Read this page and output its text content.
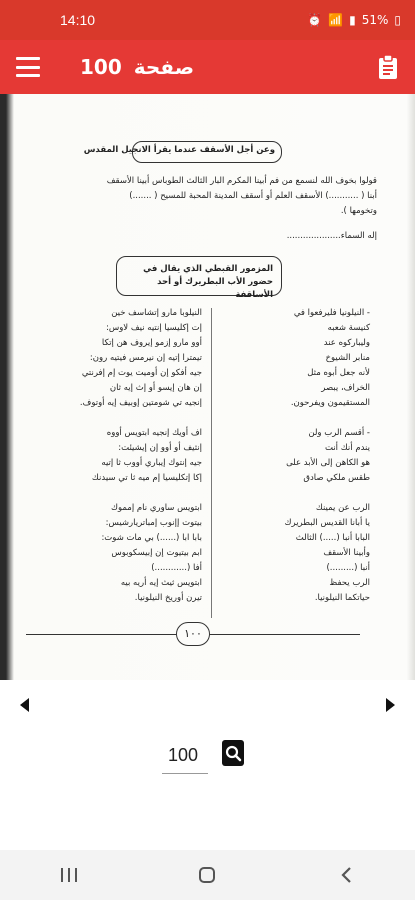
14:10	⏰ 📶 ▮ 51% ▯
100 صفحة
وعن أجل الأسقف عندما يقرأ الانجيل المقدس
قولوا بخوف الله لنسمع من فم أبينا المكرم البار الثالث الطوباس أبينا الأسقف
أبنا ( ...........) الأسقف العلم أو أسقف المدينة المحبة للمسيح ( .......)
وتخومها ).
إله السماء....................
المزمور القبطي الذي يقال في حضور الأب البطريرك أو أحد الأساقفة
النيلوبا مارو إتشاسف خين
إت إكليسيا إنتيه نيف لاوس:
أوو مارو إزمو إيروف هن إتكا
تيمترا إتيه إن نيرمس فيتيه رون:
جيه أفكو إن أوميت يوت إم إفرنتي
إن هان إيسو أو إث إيه ثان
إنجيه تي شومتين إوبيف إيه أوتوف.
اف أويك إنجيه ابتويس أووه
إنثيف أو أوو إن إيشيئت:
جيه إنتوك إيباري أووب ثا إتيه
إكا إتكليسيا إم ميه ثا تي سيدنك
ابتويس ساوري نام إمموك
بيتوت إإنوب إمباتريارشيس:
بابا ابا (......) بي مات شوت:
ابم بيتيوت إن إبيسكوبوس
أفا (............)
ابتويس ثيث إيه أريه بيه
تيرن أوريخ النيلونيا.
- النيلونيا فليرفعوا في
كنيسة شعبه
وليباركوه عند
منابر الشيوخ
لأنه جعل أبوه مثل
الخراف، يبصر
المستقيمون ويفرحون.
- أقسم الرب ولن
يندم أنك أنت
هو الكاهن إلى الأبد على
طقس ملكي صادق
الرب عن يمينك
يا أبانا القديس البطريرك
البابا أنبا (.....) الثالث
وأبينا الأسقف
أنبا (.........)
الرب يحفظ
حياتكما النيلونيا.
١٠٠
100
